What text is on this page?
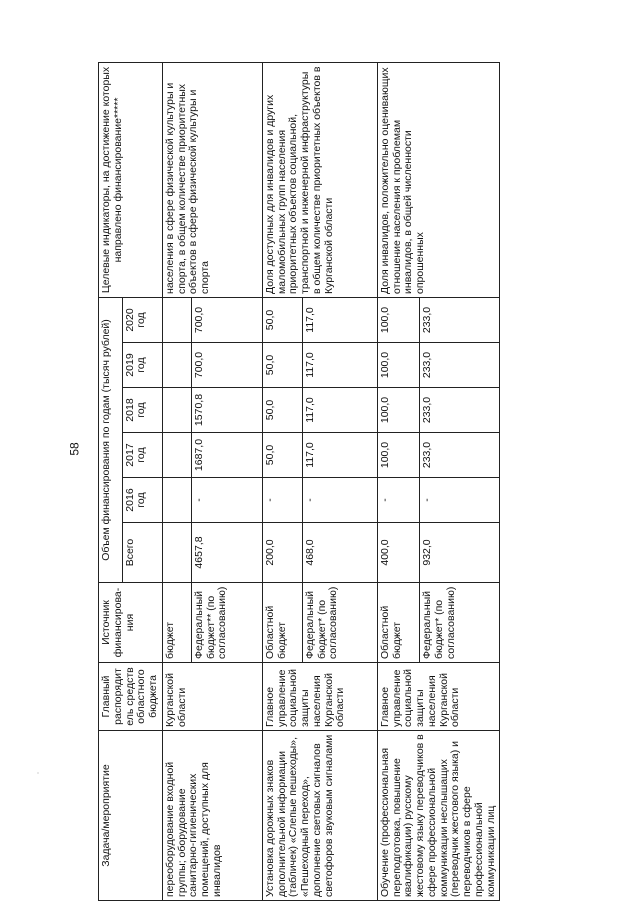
58
·	Задача/мероприятие	Главный распорядитель средств областного бюджета	Источник финансирова-ния	Объем финансирования по годам (тысяч рублей)						Целевые индикаторы, на достижение которых направлено финансирование*****
			Всего	2016 год	2017 год	2018 год	2019 год	2020 год	
переоборудование входной группы; оборудование санитарно-гигиенических помещений, доступных для инвалидов	Курганской области	бюджет							населения в сфере физической культуры и спорта, в общем количестве приоритетных объектов в сфере физической культуры и спорта
		Федеральный бюджет** (по согласованию)	4657,8	-	1687,0	1570,8	700,0	700,0	
Установка дорожных знаков дополнительной информации (табличек) «Слепые пешеходы», «Пешеходный переход», дополнение световых сигналов светофоров звуковым сигналами	Главное управление социальной защиты населения Курганской области	Областной бюджет	200,0	-	50,0	50,0	50,0	50,0	Доля доступных для инвалидов и других маломобильных групп населения приоритетных объектов социальной, транспортной и инженерной инфраструктуры в общем количестве приоритетных объектов в Курганской области
		Федеральный бюджет* (по согласованию)	468,0	-	117,0	117,0	117,0	117,0	
Обучение (профессиональная переподготовка, повышение квалификации) русскому жестовому языку переводчиков в сфере профессиональной коммуникации неслышащих (переводчик жестового языка) и переводчиков в сфере профессиональной коммуникации лиц	Главное управление социальной защиты населения Курганской области	Областной бюджет	400,0	-	100,0	100,0	100,0	100,0	Доля инвалидов, положительно оценивающих отношение населения к проблемам инвалидов, в общей численности опрошенных
		Федеральный бюджет* (по согласованию)	932,0	-	233,0	233,0	233,0	233,0	
